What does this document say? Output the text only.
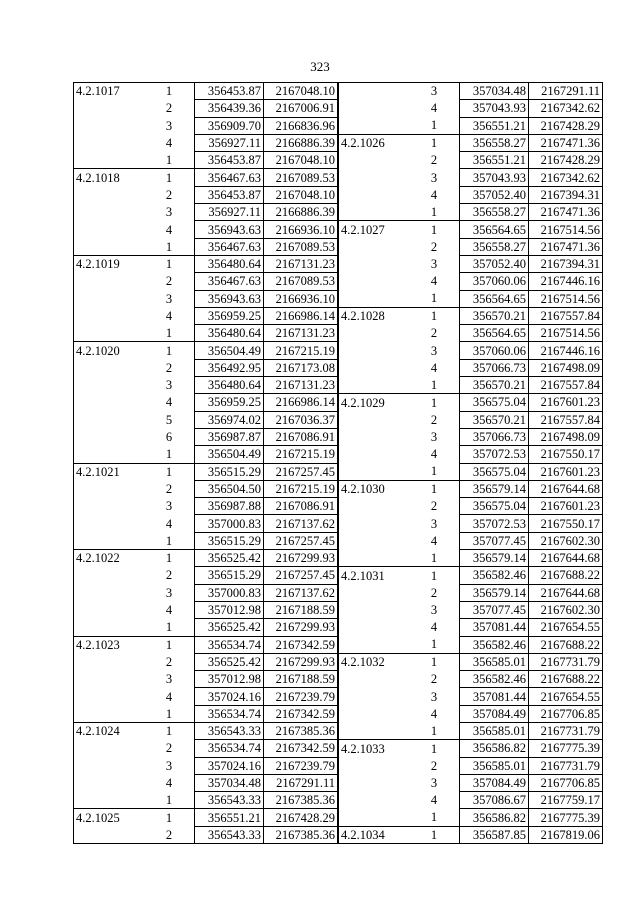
323
4.2.1017	1	356453.87	2167048.10
	2	356439.36	2167006.91
	3	356909.70	2166836.96
	4	356927.11	2166886.39
	1	356453.87	2167048.10
4.2.1018	1	356467.63	2167089.53
	2	356453.87	2167048.10
	3	356927.11	2166886.39
	4	356943.63	2166936.10
	1	356467.63	2167089.53
4.2.1019	1	356480.64	2167131.23
	2	356467.63	2167089.53
	3	356943.63	2166936.10
	4	356959.25	2166986.14
	1	356480.64	2167131.23
4.2.1020	1	356504.49	2167215.19
	2	356492.95	2167173.08
	3	356480.64	2167131.23
	4	356959.25	2166986.14
	5	356974.02	2167036.37
	6	356987.87	2167086.91
	1	356504.49	2167215.19
4.2.1021	1	356515.29	2167257.45
	2	356504.50	2167215.19
	3	356987.88	2167086.91
	4	357000.83	2167137.62
	1	356515.29	2167257.45
4.2.1022	1	356525.42	2167299.93
	2	356515.29	2167257.45
	3	357000.83	2167137.62
	4	357012.98	2167188.59
	1	356525.42	2167299.93
4.2.1023	1	356534.74	2167342.59
	2	356525.42	2167299.93
	3	357012.98	2167188.59
	4	357024.16	2167239.79
	1	356534.74	2167342.59
4.2.1024	1	356543.33	2167385.36
	2	356534.74	2167342.59
	3	357024.16	2167239.79
	4	357034.48	2167291.11
	1	356543.33	2167385.36
4.2.1025	1	356551.21	2167428.29
	2	356543.33	2167385.36
	3	357034.48	2167291.11
	4	357043.93	2167342.62
	1	356551.21	2167428.29
4.2.1026	1	356558.27	2167471.36
	2	356551.21	2167428.29
	3	357043.93	2167342.62
	4	357052.40	2167394.31
	1	356558.27	2167471.36
4.2.1027	1	356564.65	2167514.56
	2	356558.27	2167471.36
	3	357052.40	2167394.31
	4	357060.06	2167446.16
	1	356564.65	2167514.56
4.2.1028	1	356570.21	2167557.84
	2	356564.65	2167514.56
	3	357060.06	2167446.16
	4	357066.73	2167498.09
	1	356570.21	2167557.84
4.2.1029	1	356575.04	2167601.23
	2	356570.21	2167557.84
	3	357066.73	2167498.09
	4	357072.53	2167550.17
	1	356575.04	2167601.23
4.2.1030	1	356579.14	2167644.68
	2	356575.04	2167601.23
	3	357072.53	2167550.17
	4	357077.45	2167602.30
	1	356579.14	2167644.68
4.2.1031	1	356582.46	2167688.22
	2	356579.14	2167644.68
	3	357077.45	2167602.30
	4	357081.44	2167654.55
	1	356582.46	2167688.22
4.2.1032	1	356585.01	2167731.79
	2	356582.46	2167688.22
	3	357081.44	2167654.55
	4	357084.49	2167706.85
	1	356585.01	2167731.79
4.2.1033	1	356586.82	2167775.39
	2	356585.01	2167731.79
	3	357084.49	2167706.85
	4	357086.67	2167759.17
	1	356586.82	2167775.39
4.2.1034	1	356587.85	2167819.06
